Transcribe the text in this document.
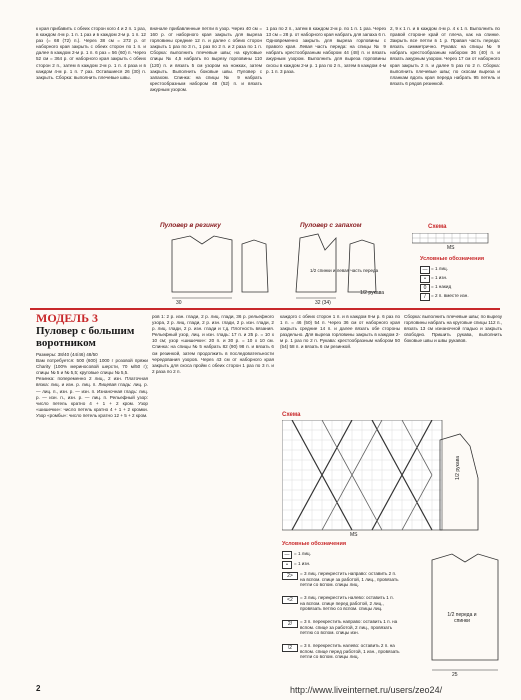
к края прибавить с обеих сторон кого 4 и 2 п. 1 раз, в каждом 4-м р. 1 п. 1 раз и в каждом 2-м р. 1 п. 12 раз (= 68 (72) п.). Через 38 см = 272 р. от наборного края закрыть с обеих сторон по 1 п. и далее в каждом 2-м р. 1 п. 6 раз = 56 (60) п. Через 52 см = 364 р. от наборного края закрыть с обеих сторон 2 п., затем в каждом 2-м р. 1 п. 4 раза и в каждом 4-м р. 1 п. 7 раз. Оставшиеся 26 (30) п. закрыть. Сборка: выполнить плечевые швы.

вначале прибавленные петли в узор. Через 40 см = 160 р. от наборного края закрыть для выреза горловины средние 12 п. и далее с обеих сторон закрыть 1 раз по 3 п., 1 раз по 2 п. и 2 раза по 1 п. Сборка: выполнить плечевые швы; на круговые спицы № 4,5 набрать по вырезу горловины 110 (120) п. и вязать 5 см узором на ножках, затем закрыть. Выполнить боковые швы. Пуловер с запахом. Спинка: на спицы № 9 набрать крестообразным набором 48 (52) п. и вязать ажурным узором.

1 раз по 2 п., затем в каждом 2-м р. по 1 п. 1 раз. Через 13 см = 28 р. от наборного края набрать для запаха 6 п. Одновременно закрыть для выреза горловины с правого края. Левая часть переда: на спицы № 9 набрать крестообразным набором 44 (48) п. и вязать ажурным узором. Выполнить для выреза горловины скосы в каждом 2-м р. 1 раз по 2 п., затем в каждом 4-м р. 1 п. 3 раза.

2, 9 к 1 п. и в каждом 4-м р. 4 к 1 п. Выполнить по правой стороне край от плеча, как на спинке. Закрыть все петли в 1 р. Правая часть переда: вязать симметрично. Рукава: на спицы № 9 набрать крестообразным набором 36 (40) п. и вязать ажурным узором. Через 17 см от наборного края закрыть 2 п. и далее 5 раз по 2 п. Сборка: выполнить плечевые швы; по скосам выреза и планкам вдоль края переда набрать 95 петель и вязать 6 рядов резинкой.

Пуловер в резинку	Пуловер с запахом
1/2 спинки и левая часть переда
1/2 рукава
30	32 (34)
Схема
MS
Условные обозначения
— = 1 лиц.
•	= 1 изн.
0	= 1 накид
/	= 2 п. вместе изн.
МОДЕЛЬ 3
Пуловер с большим воротником

Размеры: 38/40 (44/46) 48/50

Вам потребуется: 500 (600) 1000 г розовой пряжи Charity (100% мериносовой шерсти, 70 м/50 г); спицы № 5 и № 5,5; круговые спицы № 5,5.

Резинка: попеременно 2 лиц., 2 изн. Платочная вязка: лиц. и изн. р. лиц. п. Лицевая гладь: лиц. р. — лиц. п., изн. р. — изн. п. Изнаночная гладь: лиц. р. — изн. п., изн. р. — лиц. п. Рельефный узор: число петель кратно 4 + 1 + 2 кром. Узор «шишечки»: число петель кратно 4 + 1 + 2 кромки. Узор «ромбы»: число петель кратно 12 + 5 + 2 кром.

ров 1: 2 р. изн. глади, 2 р. лиц. глади, 36 р. рельефного узора, 2 р. лиц. глади, 2 р. изн. глади, 2 р. изн. глади, 2 р. лиц. глади, 2 р. изн. глади и т.д. Плотность вязания. Рельефный узор, лиц. и изн. гладь: 17 п. и 25 р. = 10 х 10 см; узор «шишечки»: 20 п. и 30 р. = 10 х 10 см. Спинка: на спицы № 5 набрать 82 (90) 98 п. и вязать 6 см резинкой, затем продолжить в последовательности чередования узоров. Через 43 см от наборного края закрыть для скоса пройм с обеих сторон 1 раз по 3 п. и 2 раза по 2 п.

каждого с обеих сторон 1 п. и в каждом 8-м р. 6 раз по 1 п. = 46 (50) 54 п. Через 36 см от наборного края закрыть средние 14 п. и далее вязать обе стороны раздельно. Для выреза горловины закрыть в каждом 2-м р. 1 раз по 2 п. Рукава: крестообразным набором 50 (54) 58 п. и вязать 6 см резинкой.

Схема
MS
Условные обозначения
— = 1 лиц.
•	= 1 изн.
2>	= 3 лиц. перекрестить направо: оставить 2 п. на вспом. спице за работой, 1 лиц., провязать петли со вспом. спицы лиц.
<2	= 3 лиц. перекрестить налево: оставить 1 п. на вспом. спице перед работой, 2 лиц., провязать петлю со вспом. спицы лиц.
2/	= 3 п. перекрестить направо: оставить 1 п. на вспом. спице за работой, 2 лиц., провязать петлю со вспом. спицы изн.
\2	= 3 п. перекрестить налево: оставить 2 п. на вспом. спице перед работой, 1 изн., провязать петли со вспом. спицы лиц.

Сборка: выполнить плечевые швы; по вырезу горловины набрать на круговые спицы 112 п., вязать 13 см изнаночной гладью и закрыть свободно. Пришить рукава, выполнить боковые швы и швы рукавов.

1/2 рукава
1/2 переда и спинки
25
2	http://www.liveinternet.ru/users/zeo24/
